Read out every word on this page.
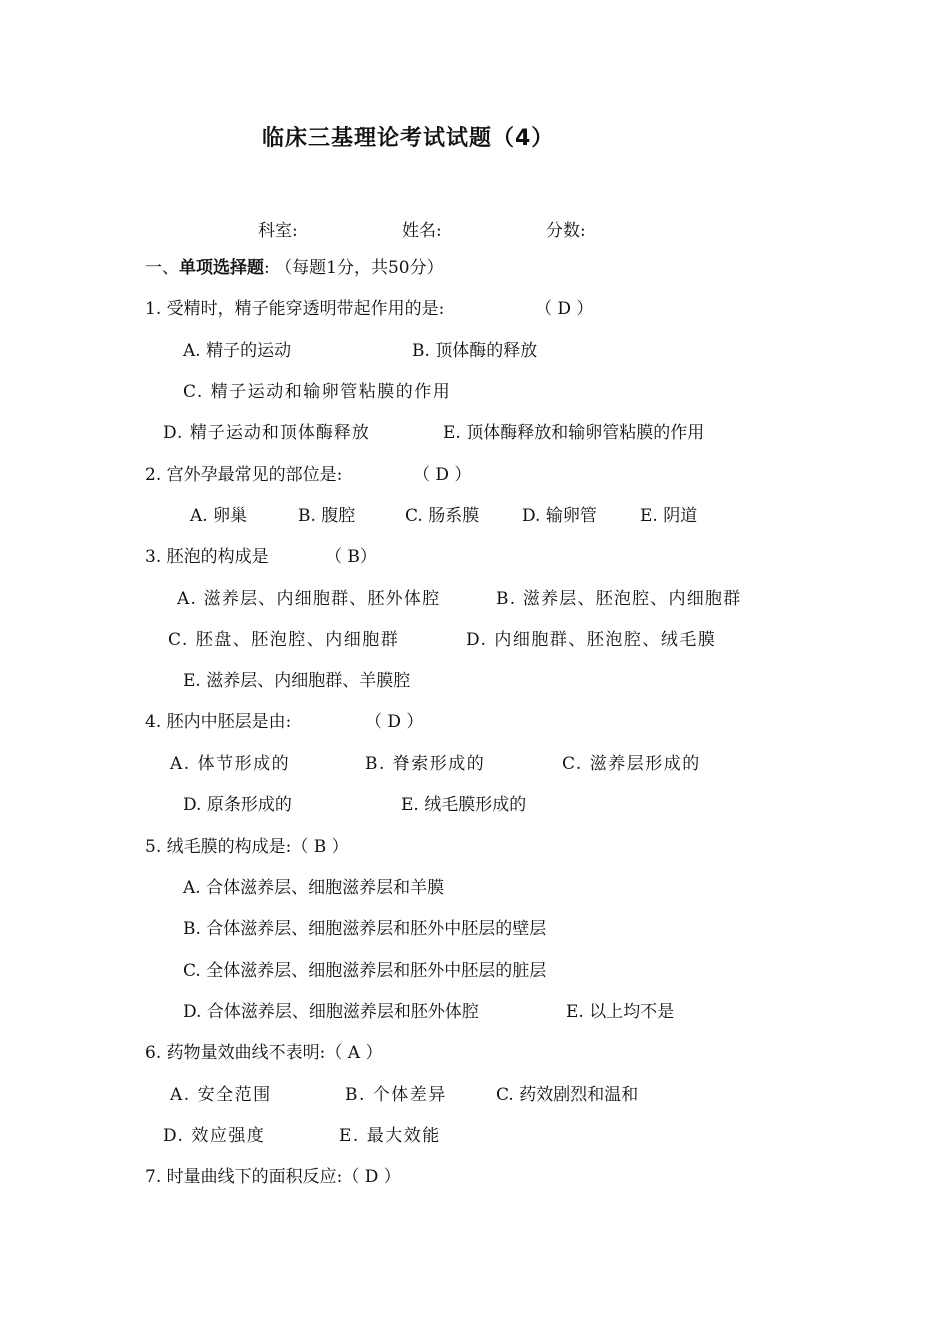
临床三基理论考试试题（4）
科室:	姓名:	分数:
一、单项选择题: （每题1分，共50分）
1. 受精时，精子能穿透明带起作用的是:	（ D ）
A. 精子的运动	B. 顶体酶的释放
C. 精子运动和输卵管粘膜的作用
D. 精子运动和顶体酶释放	E. 顶体酶释放和输卵管粘膜的作用
2. 宫外孕最常见的部位是:	（ D ）
A. 卵巢	B. 腹腔	C. 肠系膜	D. 输卵管	E. 阴道
3. 胚泡的构成是	（ B）
A. 滋养层、内细胞群、胚外体腔	B. 滋养层、胚泡腔、内细胞群
C. 胚盘、胚泡腔、内细胞群	D. 内细胞群、胚泡腔、绒毛膜
E. 滋养层、内细胞群、羊膜腔
4. 胚内中胚层是由:	（ D ）
A. 体节形成的	B. 脊索形成的	C. 滋养层形成的
D. 原条形成的	E. 绒毛膜形成的
5. 绒毛膜的构成是:（ B ）
A. 合体滋养层、细胞滋养层和羊膜
B. 合体滋养层、细胞滋养层和胚外中胚层的壁层
C. 全体滋养层、细胞滋养层和胚外中胚层的脏层
D. 合体滋养层、细胞滋养层和胚外体腔	E. 以上均不是
6. 药物量效曲线不表明:（ A ）
A. 安全范围	B. 个体差异	C. 药效剧烈和温和
D. 效应强度	E. 最大效能
7. 时量曲线下的面积反应:（ D ）
